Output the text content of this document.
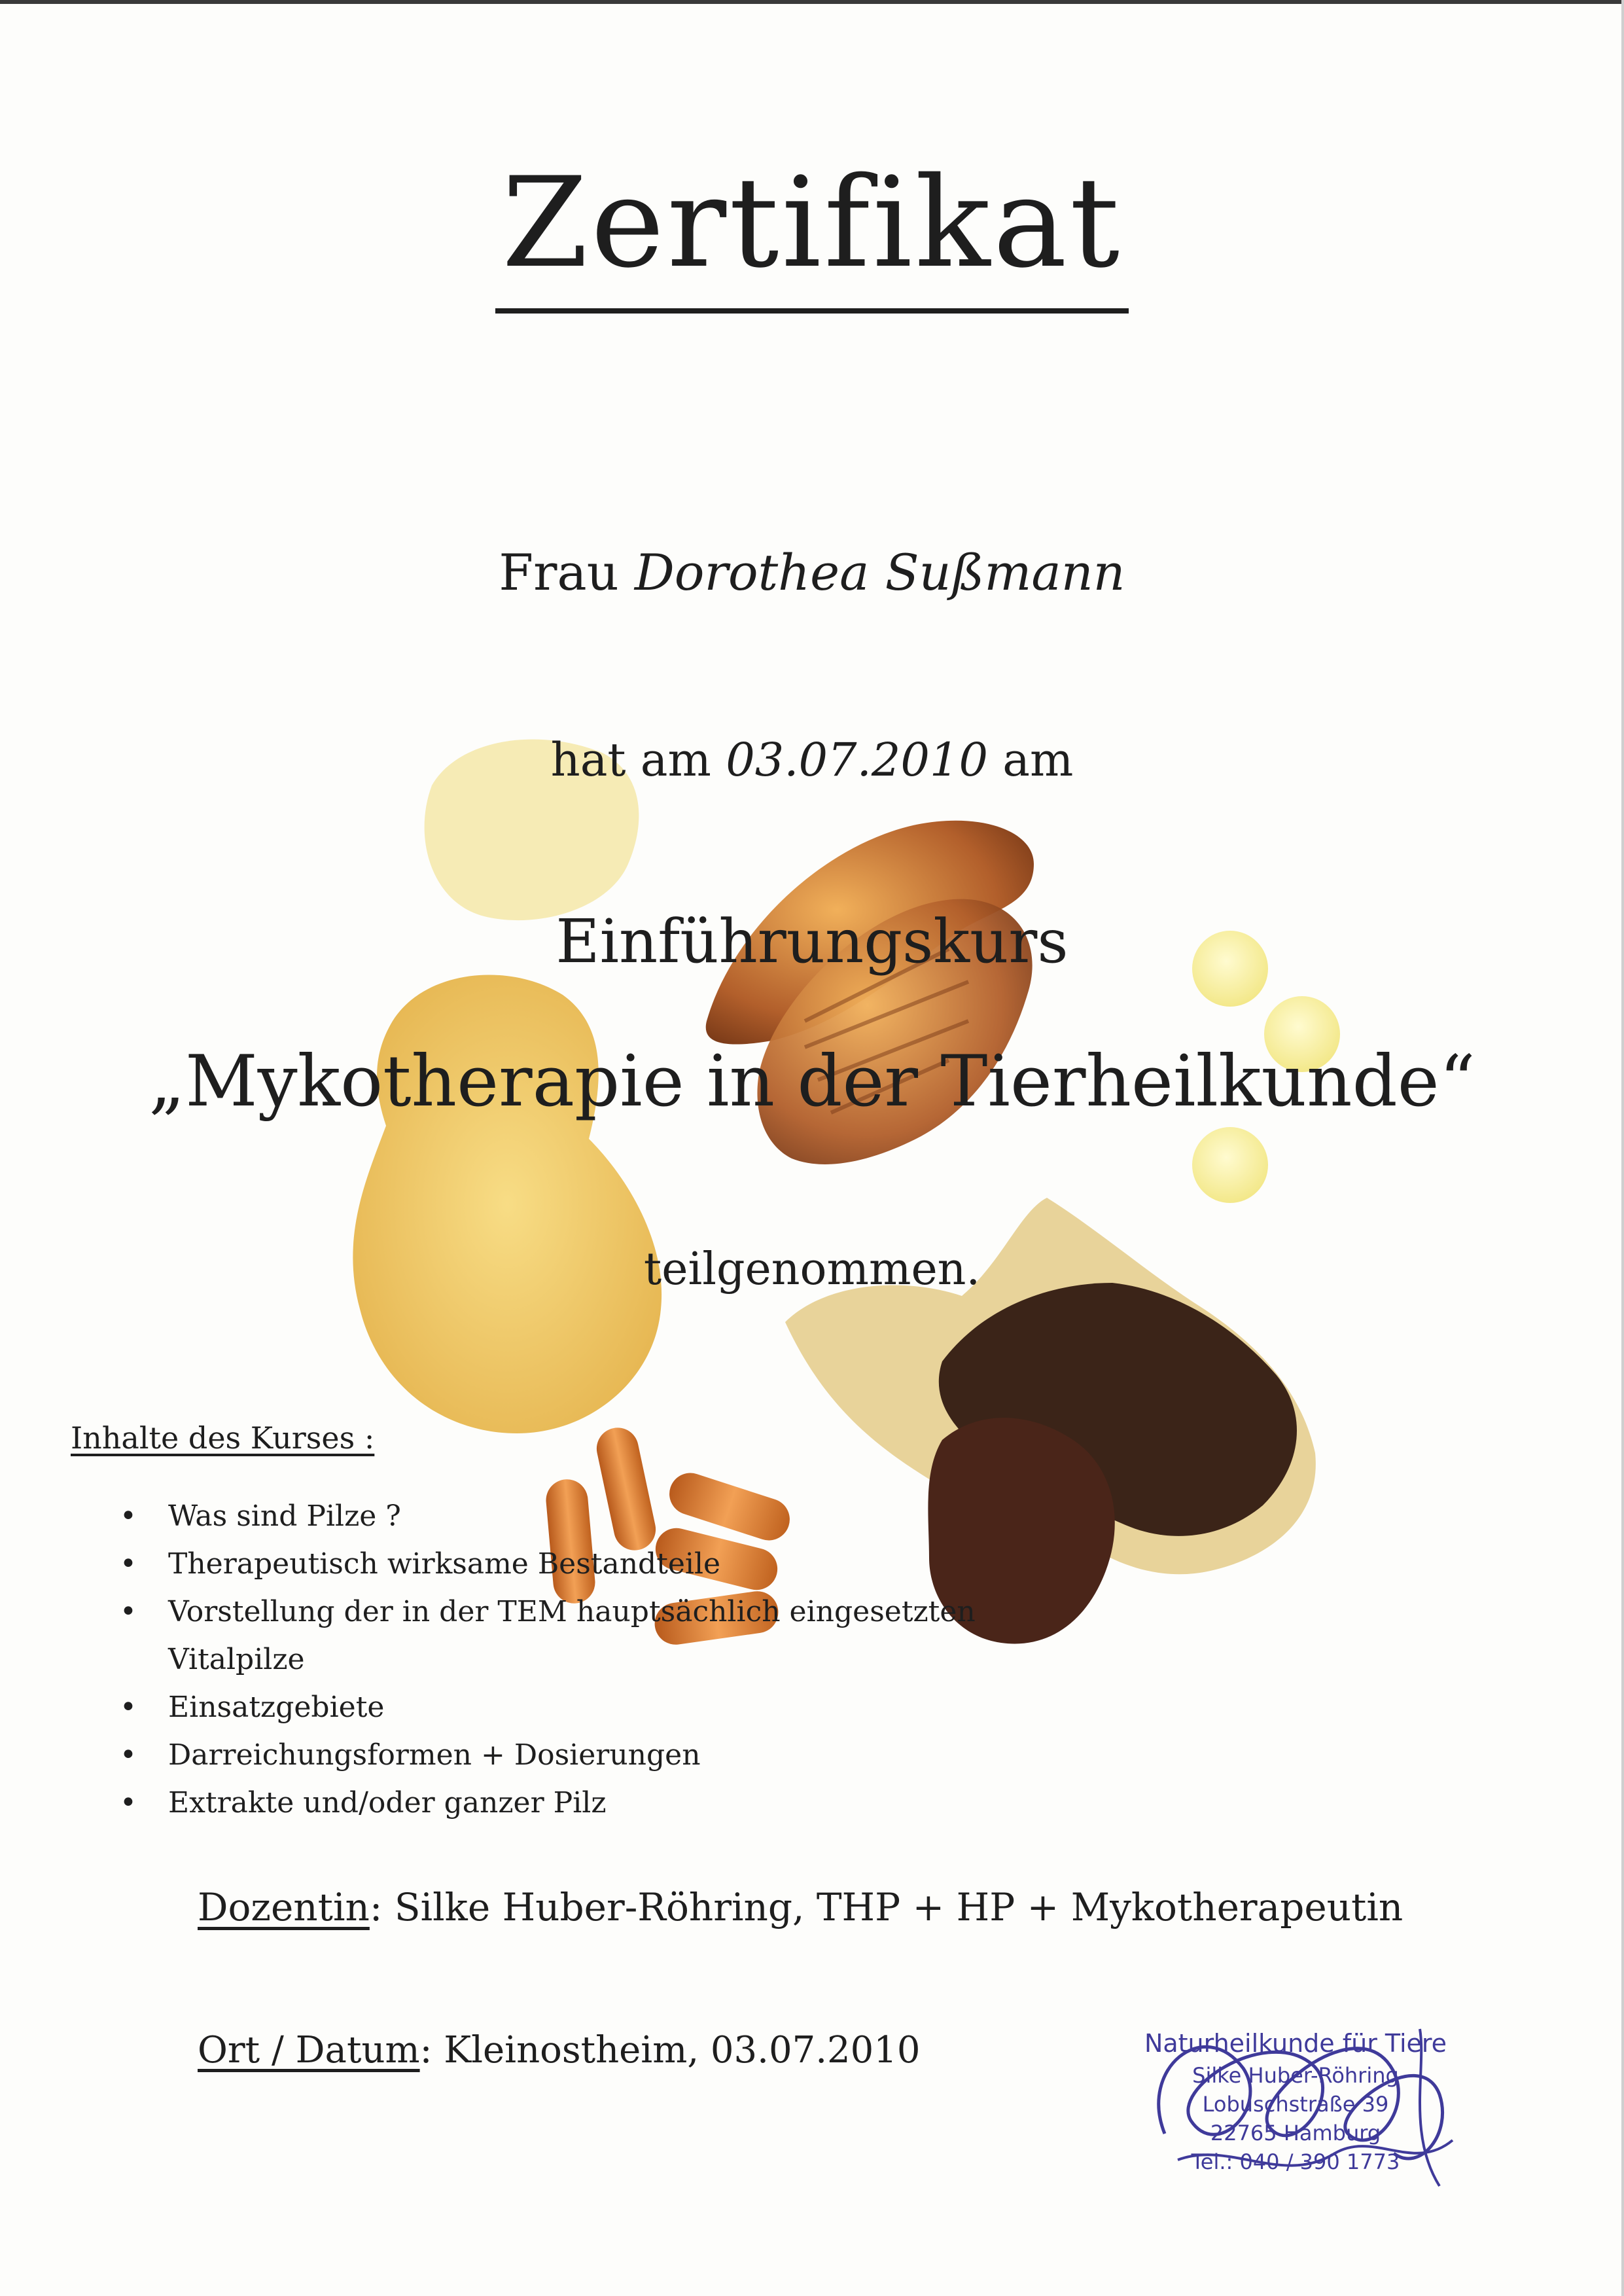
Zertifikat
Frau Dorothea Sußmann
hat am 03.07.2010 am
Einführungskurs
„Mykotherapie in der Tierheilkunde“
teilgenommen.
Inhalte des Kurses :
• Was sind Pilze ?
• Therapeutisch wirksame Bestandteile
• Vorstellung der in der TEM hauptsächlich eingesetzten Vitalpilze
• Einsatzgebiete
• Darreichungsformen + Dosierungen
• Extrakte und/oder ganzer Pilz
Dozentin: Silke Huber-Röhring, THP + HP + Mykotherapeutin
Ort / Datum: Kleinostheim, 03.07.2010	Naturheilkunde für Tiere
Silke Huber-Röhring
Lobuschstraße 39
22765 Hamburg
Tel.: 040 / 390 1773
